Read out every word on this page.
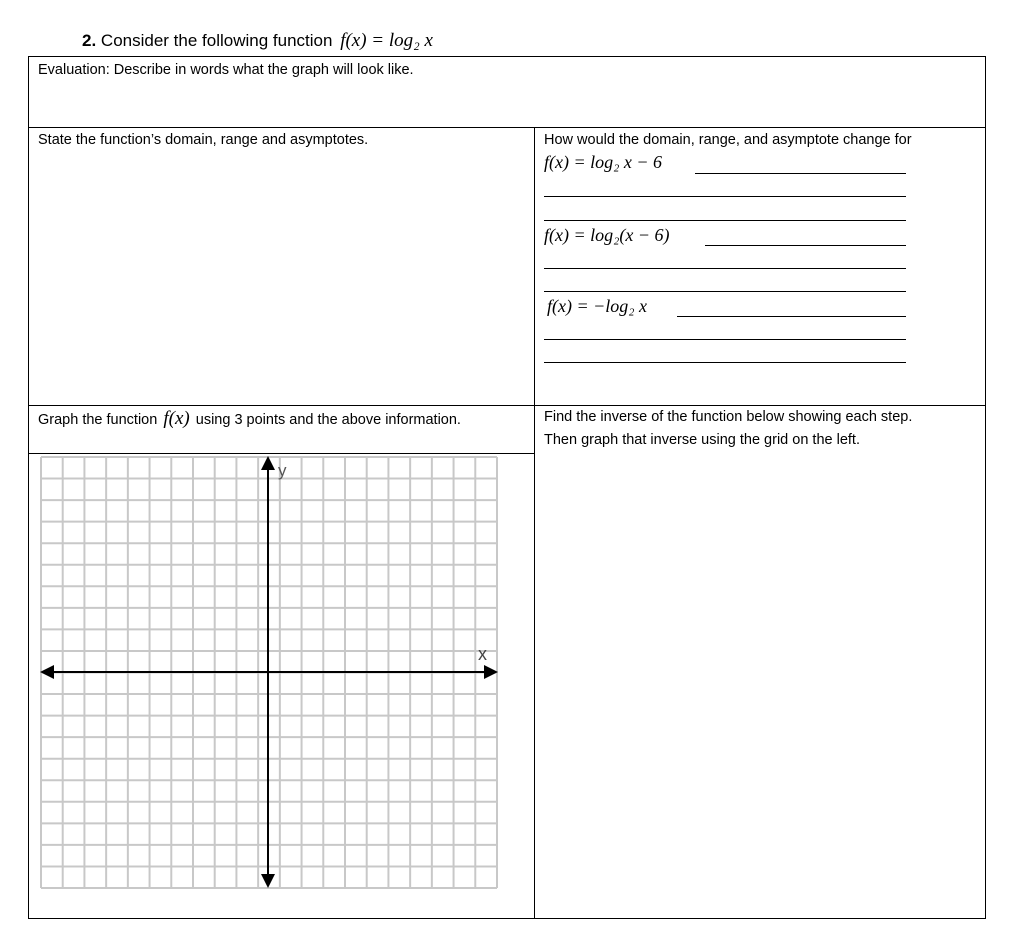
2. Consider the following function f(x) = log₂ x
Evaluation: Describe in words what the graph will look like.
State the function’s domain, range and asymptotes.	How would the domain, range, and asymptote change for
f(x) = log₂ x − 6
f(x) = log₂(x − 6)
f(x) = −log₂ x
Graph the function f(x) using 3 points and the above information.	Find the inverse of the function below showing each step.
Then graph that inverse using the grid on the left.
y
x
